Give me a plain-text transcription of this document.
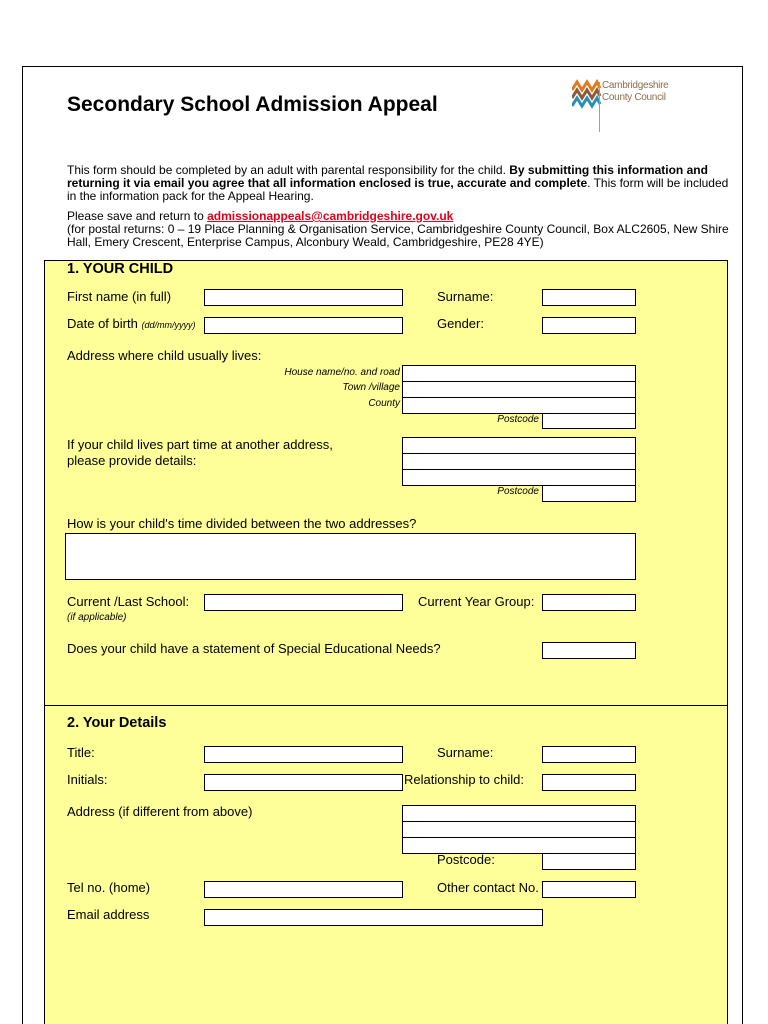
Secondary School Admission Appeal
Cambridgeshire
County Council

This form should be completed by an adult with parental responsibility for the child. By submitting this information and returning it via email you agree that all information enclosed is true, accurate and complete. This form will be included in the information pack for the Appeal Hearing.

Please save and return to admissionappeals@cambridgeshire.gov.uk
(for postal returns: 0 – 19 Place Planning & Organisation Service, Cambridgeshire County Council, Box ALC2605, New Shire Hall, Emery Crescent, Enterprise Campus, Alconbury Weald, Cambridgeshire, PE28 4YE)

1. YOUR CHILD
First name (in full)	Surname:
Date of birth (dd/mm/yyyy)	Gender:
Address where child usually lives:
House name/no. and road
Town /village
County
Postcode
If your child lives part time at another address,
please provide details:
Postcode
How is your child's time divided between the two addresses?
Current /Last School:
(if applicable)
Current Year Group:
Does your child have a statement of Special Educational Needs?
2. Your Details
Title:	Surname:
Initials:	Relationship to child:
Address (if different from above)
Postcode:
Tel no. (home)	Other contact No.
Email address
